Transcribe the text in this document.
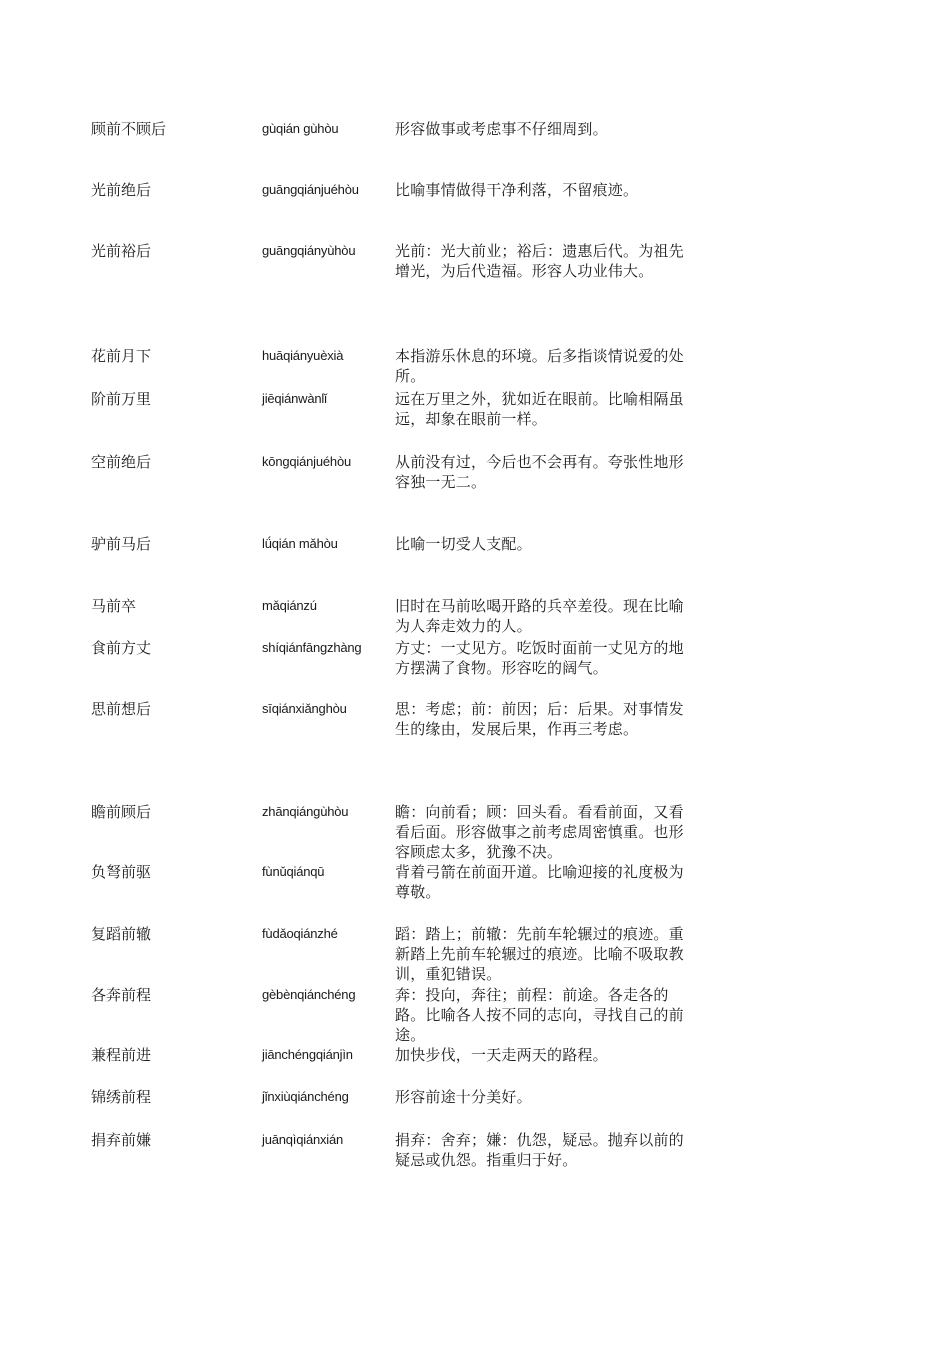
顾前不顾后	gùqián gùhòu	形容做事或考虑事不仔细周到。
光前绝后	guāngqiánjuéhòu 比喻事情做得干净利落，不留痕迹。
光前裕后	guāngqiányùhòu	光前：光大前业；裕后：遗惠后代。为祖先增光，为后代造福。形容人功业伟大。
花前月下	huāqiányuèxià	本指游乐休息的环境。后多指谈情说爱的处所。
阶前万里	jiēqiánwànlǐ	远在万里之外，犹如近在眼前。比喻相隔虽远，却象在眼前一样。
空前绝后	kōngqiánjuéhòu	从前没有过，今后也不会再有。夸张性地形容独一无二。
驴前马后	lǘqián mǎhòu	比喻一切受人支配。
马前卒	mǎqiánzú	旧时在马前吆喝开路的兵卒差役。现在比喻为人奔走效力的人。
食前方丈	shíqiánfāngzhàng 方丈：一丈见方。吃饭时面前一丈见方的地方摆满了食物。形容吃的阔气。
思前想后	sīqiánxiǎnghòu	思：考虑；前：前因；后：后果。对事情发生的缘由，发展后果，作再三考虑。
瞻前顾后	zhānqiángùhòu	瞻：向前看；顾：回头看。看看前面，又看看后面。形容做事之前考虑周密慎重。也形容顾虑太多，犹豫不决。
负弩前驱	fùnǔqiánqū	背着弓箭在前面开道。比喻迎接的礼度极为尊敬。
复蹈前辙	fùdǎoqiánzhé	蹈：踏上；前辙：先前车轮辗过的痕迹。重新踏上先前车轮辗过的痕迹。比喻不吸取教训，重犯错误。
各奔前程	gèbènqiánchéng	奔：投向，奔往；前程：前途。各走各的路。比喻各人按不同的志向，寻找自己的前途。
兼程前进	jiānchéngqiánjìn	加快步伐，一天走两天的路程。
锦绣前程	jǐnxiùqiánchéng	形容前途十分美好。
捐弃前嫌	juānqìqiánxián	捐弃：舍弃；嫌：仇怨，疑忌。抛弃以前的疑忌或仇怨。指重归于好。
